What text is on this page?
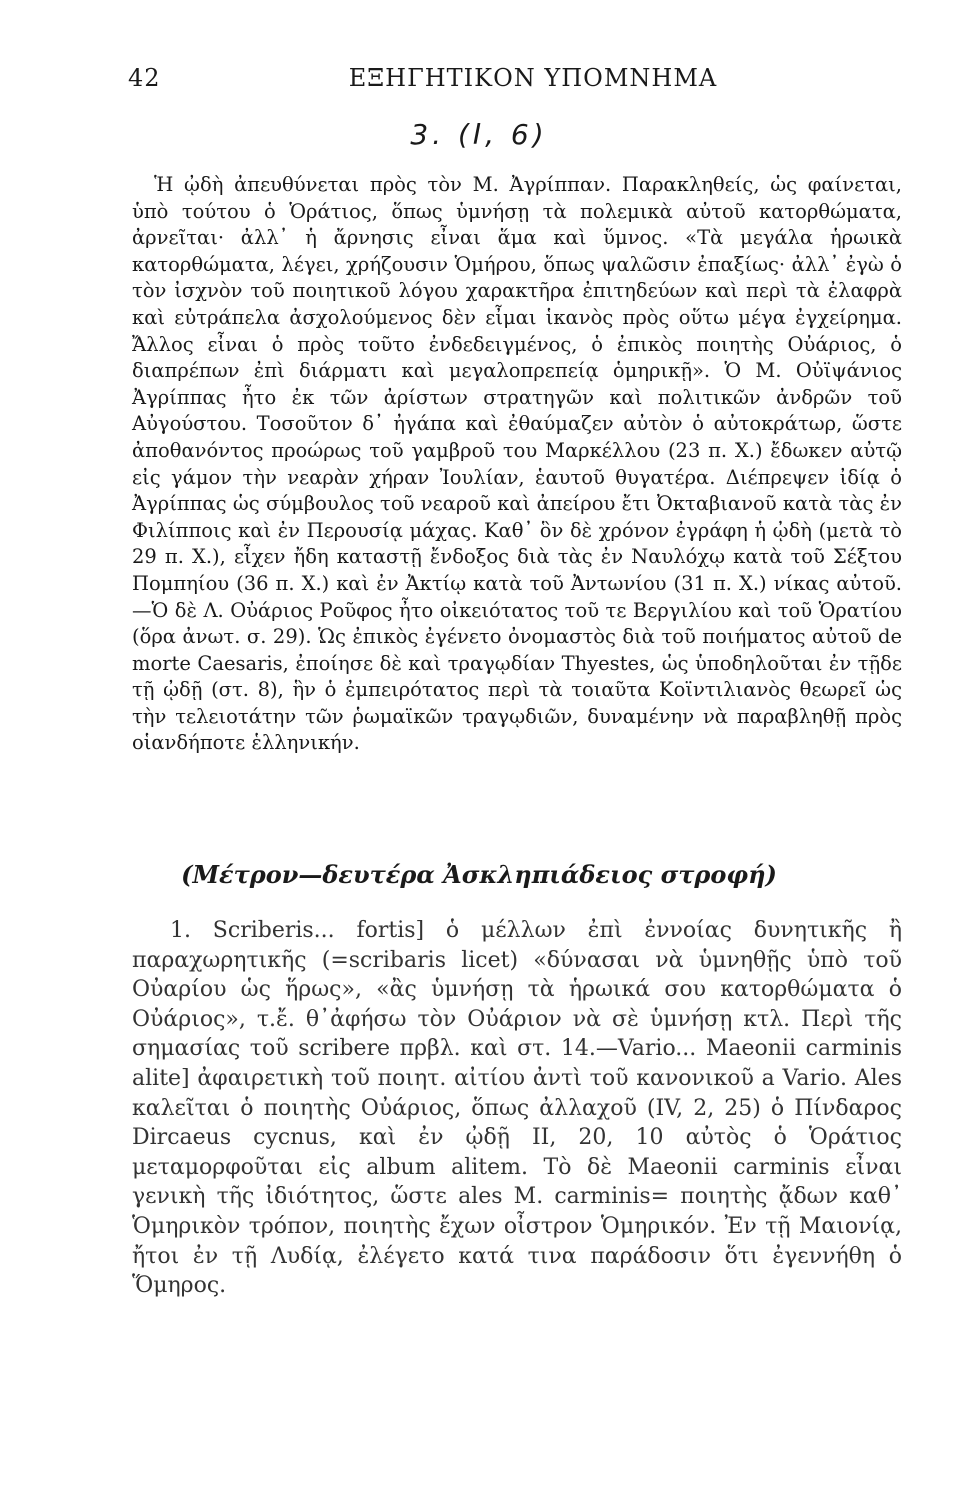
42	ΕΞΗΓΗΤΙΚΟΝ ΥΠΟΜΝΗΜΑ
3. (Ι, 6)

Ἡ ᾠδὴ ἀπευθύνεται πρὸς τὸν Μ. Ἀγρίππαν. Παρακληθείς, ὡς φαίνεται, ὑπὸ τούτου ὁ Ὁράτιος, ὅπως ὑμνήσῃ τὰ πολεμικὰ αὐτοῦ κατορθώματα, ἀρνεῖται· ἀλλ᾽ ἡ ἄρνησις εἶναι ἅμα καὶ ὕμνος. «Τὰ μεγάλα ἡρωικὰ κατορθώματα, λέγει, χρήζουσιν Ὁμήρου, ὅπως ψαλῶσιν ἐπαξίως· ἀλλ᾽ ἐγὼ ὁ τὸν ἰσχνὸν τοῦ ποιητικοῦ λόγου χαρακτῆρα ἐπιτηδεύων καὶ περὶ τὰ ἐλαφρὰ καὶ εὐτράπελα ἀσχολούμενος δὲν εἶμαι ἱκανὸς πρὸς οὕτω μέγα ἐγχείρημα. Ἄλλος εἶναι ὁ πρὸς τοῦτο ἐνδεδειγμένος, ὁ ἐπικὸς ποιητὴς Οὐάριος, ὁ διαπρέπων ἐπὶ διάρματι καὶ μεγαλοπρεπείᾳ ὁμηρικῇ». Ὁ Μ. Οὐϊψάνιος Ἀγρίππας ἦτο ἐκ τῶν ἀρίστων στρατηγῶν καὶ πολιτικῶν ἀνδρῶν τοῦ Αὐγούστου. Τοσοῦτον δ᾽ ἠγάπα καὶ ἐθαύμαζεν αὐτὸν ὁ αὐτοκράτωρ, ὥστε ἀποθανόντος προώρως τοῦ γαμβροῦ του Μαρκέλλου (23 π. Χ.) ἔδωκεν αὐτῷ εἰς γάμον τὴν νεαρὰν χήραν Ἰουλίαν, ἑαυτοῦ θυγατέρα. Διέπρεψεν ἰδίᾳ ὁ Ἀγρίππας ὡς σύμβουλος τοῦ νεαροῦ καὶ ἀπείρου ἔτι Ὀκταβιανοῦ κατὰ τὰς ἐν Φιλίπποις καὶ ἐν Περουσίᾳ μάχας. Καθ᾽ ὃν δὲ χρόνον ἐγράφη ἡ ᾠδὴ (μετὰ τὸ 29 π. Χ.), εἶχεν ἤδη καταστῇ ἔνδοξος διὰ τὰς ἐν Ναυλόχῳ κατὰ τοῦ Σέξτου Πομπηίου (36 π. Χ.) καὶ ἐν Ἀκτίῳ κατὰ τοῦ Ἀντωνίου (31 π. Χ.) νίκας αὐτοῦ.—Ὁ δὲ Λ. Οὐάριος Ροῦφος ἦτο οἰκειότατος τοῦ τε Βεργιλίου καὶ τοῦ Ὁρατίου (ὅρα ἀνωτ. σ. 29). Ὡς ἐπικὸς ἐγένετο ὀνομαστὸς διὰ τοῦ ποιήματος αὐτοῦ de morte Caesaris, ἐποίησε δὲ καὶ τραγῳδίαν Thyestes, ὡς ὑποδηλοῦται ἐν τῇδε τῇ ᾠδῇ (στ. 8), ἣν ὁ ἐμπειρότατος περὶ τὰ τοιαῦτα Κοϊντιλιανὸς θεωρεῖ ὡς τὴν τελειοτάτην τῶν ῥωμαϊκῶν τραγῳδιῶν, δυναμένην νὰ παραβληθῇ πρὸς οἱανδήποτε ἑλληνικήν.

(Μέτρον—δευτέρα Ἀσκληπιάδειος στροφή)

1. Scriberis... fortis] ὁ μέλλων ἐπὶ ἐννοίας δυνητικῆς ἢ παραχωρητικῆς (=scribaris licet) «δύνασαι νὰ ὑμνηθῇς ὑπὸ τοῦ Οὐαρίου ὡς ἥρως», «ἂς ὑμνήσῃ τὰ ἡρωικά σου κατορθώματα ὁ Οὐάριος», τ.ἔ. θ᾽ἀφήσω τὸν Οὐάριον νὰ σὲ ὑμνήσῃ κτλ. Περὶ τῆς σημασίας τοῦ scribere πρβλ. καὶ στ. 14.—Vario... Maeonii carminis alite] ἀφαιρετικὴ τοῦ ποιητ. αἰτίου ἀντὶ τοῦ κανονικοῦ a Vario. Ales καλεῖται ὁ ποιητὴς Οὐάριος, ὅπως ἀλλαχοῦ (IV, 2, 25) ὁ Πίνδαρος Dircaeus cycnus, καὶ ἐν ᾠδῇ II, 20, 10 αὐτὸς ὁ Ὁράτιος μεταμορφοῦται εἰς album alitem. Τὸ δὲ Maeonii carminis εἶναι γενικὴ τῆς ἰδιότητος, ὥστε ales M. carminis= ποιητὴς ᾄδων καθ᾽ Ὁμηρικὸν τρόπον, ποιητὴς ἔχων οἶστρον Ὁμηρικόν. Ἐν τῇ Μαιονίᾳ, ἤτοι ἐν τῇ Λυδίᾳ, ἐλέγετο κατά τινα παράδοσιν ὅτι ἐγεννήθη ὁ Ὅμηρος.
